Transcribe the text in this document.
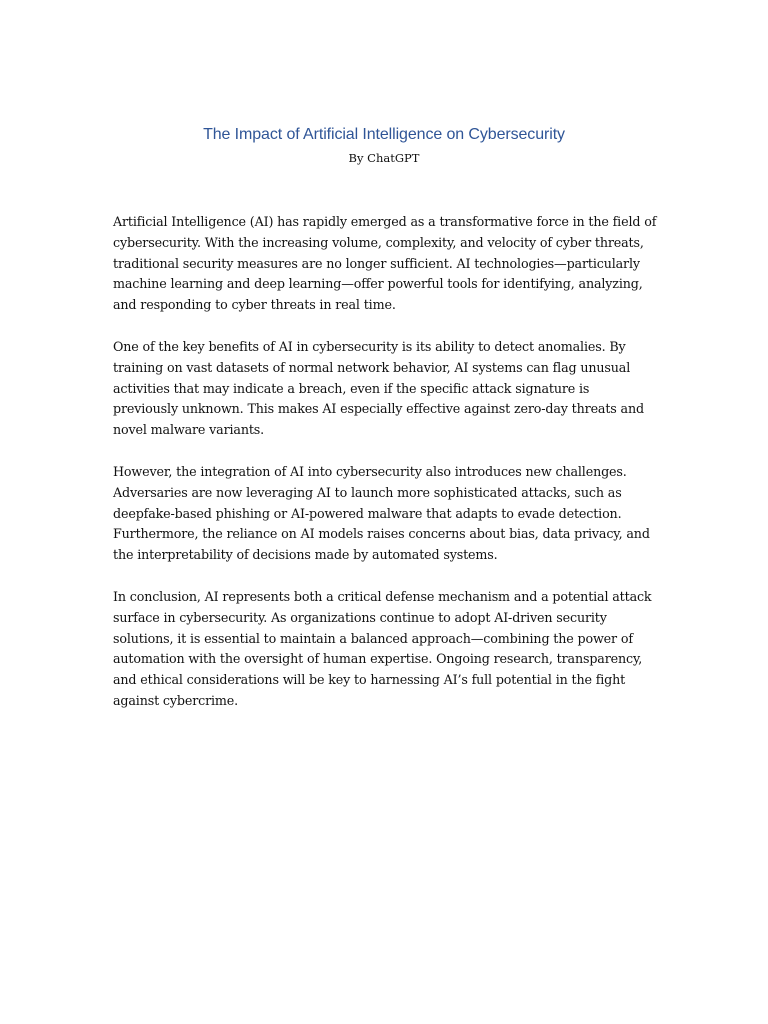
The Impact of Artificial Intelligence on Cybersecurity

By ChatGPT

Artificial Intelligence (AI) has rapidly emerged as a transformative force in the field of cybersecurity. With the increasing volume, complexity, and velocity of cyber threats, traditional security measures are no longer sufficient. AI technologies—particularly machine learning and deep learning—offer powerful tools for identifying, analyzing, and responding to cyber threats in real time.

One of the key benefits of AI in cybersecurity is its ability to detect anomalies. By training on vast datasets of normal network behavior, AI systems can flag unusual activities that may indicate a breach, even if the specific attack signature is previously unknown. This makes AI especially effective against zero-day threats and novel malware variants.

However, the integration of AI into cybersecurity also introduces new challenges. Adversaries are now leveraging AI to launch more sophisticated attacks, such as deepfake-based phishing or AI-powered malware that adapts to evade detection. Furthermore, the reliance on AI models raises concerns about bias, data privacy, and the interpretability of decisions made by automated systems.

In conclusion, AI represents both a critical defense mechanism and a potential attack surface in cybersecurity. As organizations continue to adopt AI-driven security solutions, it is essential to maintain a balanced approach—combining the power of automation with the oversight of human expertise. Ongoing research, transparency, and ethical considerations will be key to harnessing AI’s full potential in the fight against cybercrime.
